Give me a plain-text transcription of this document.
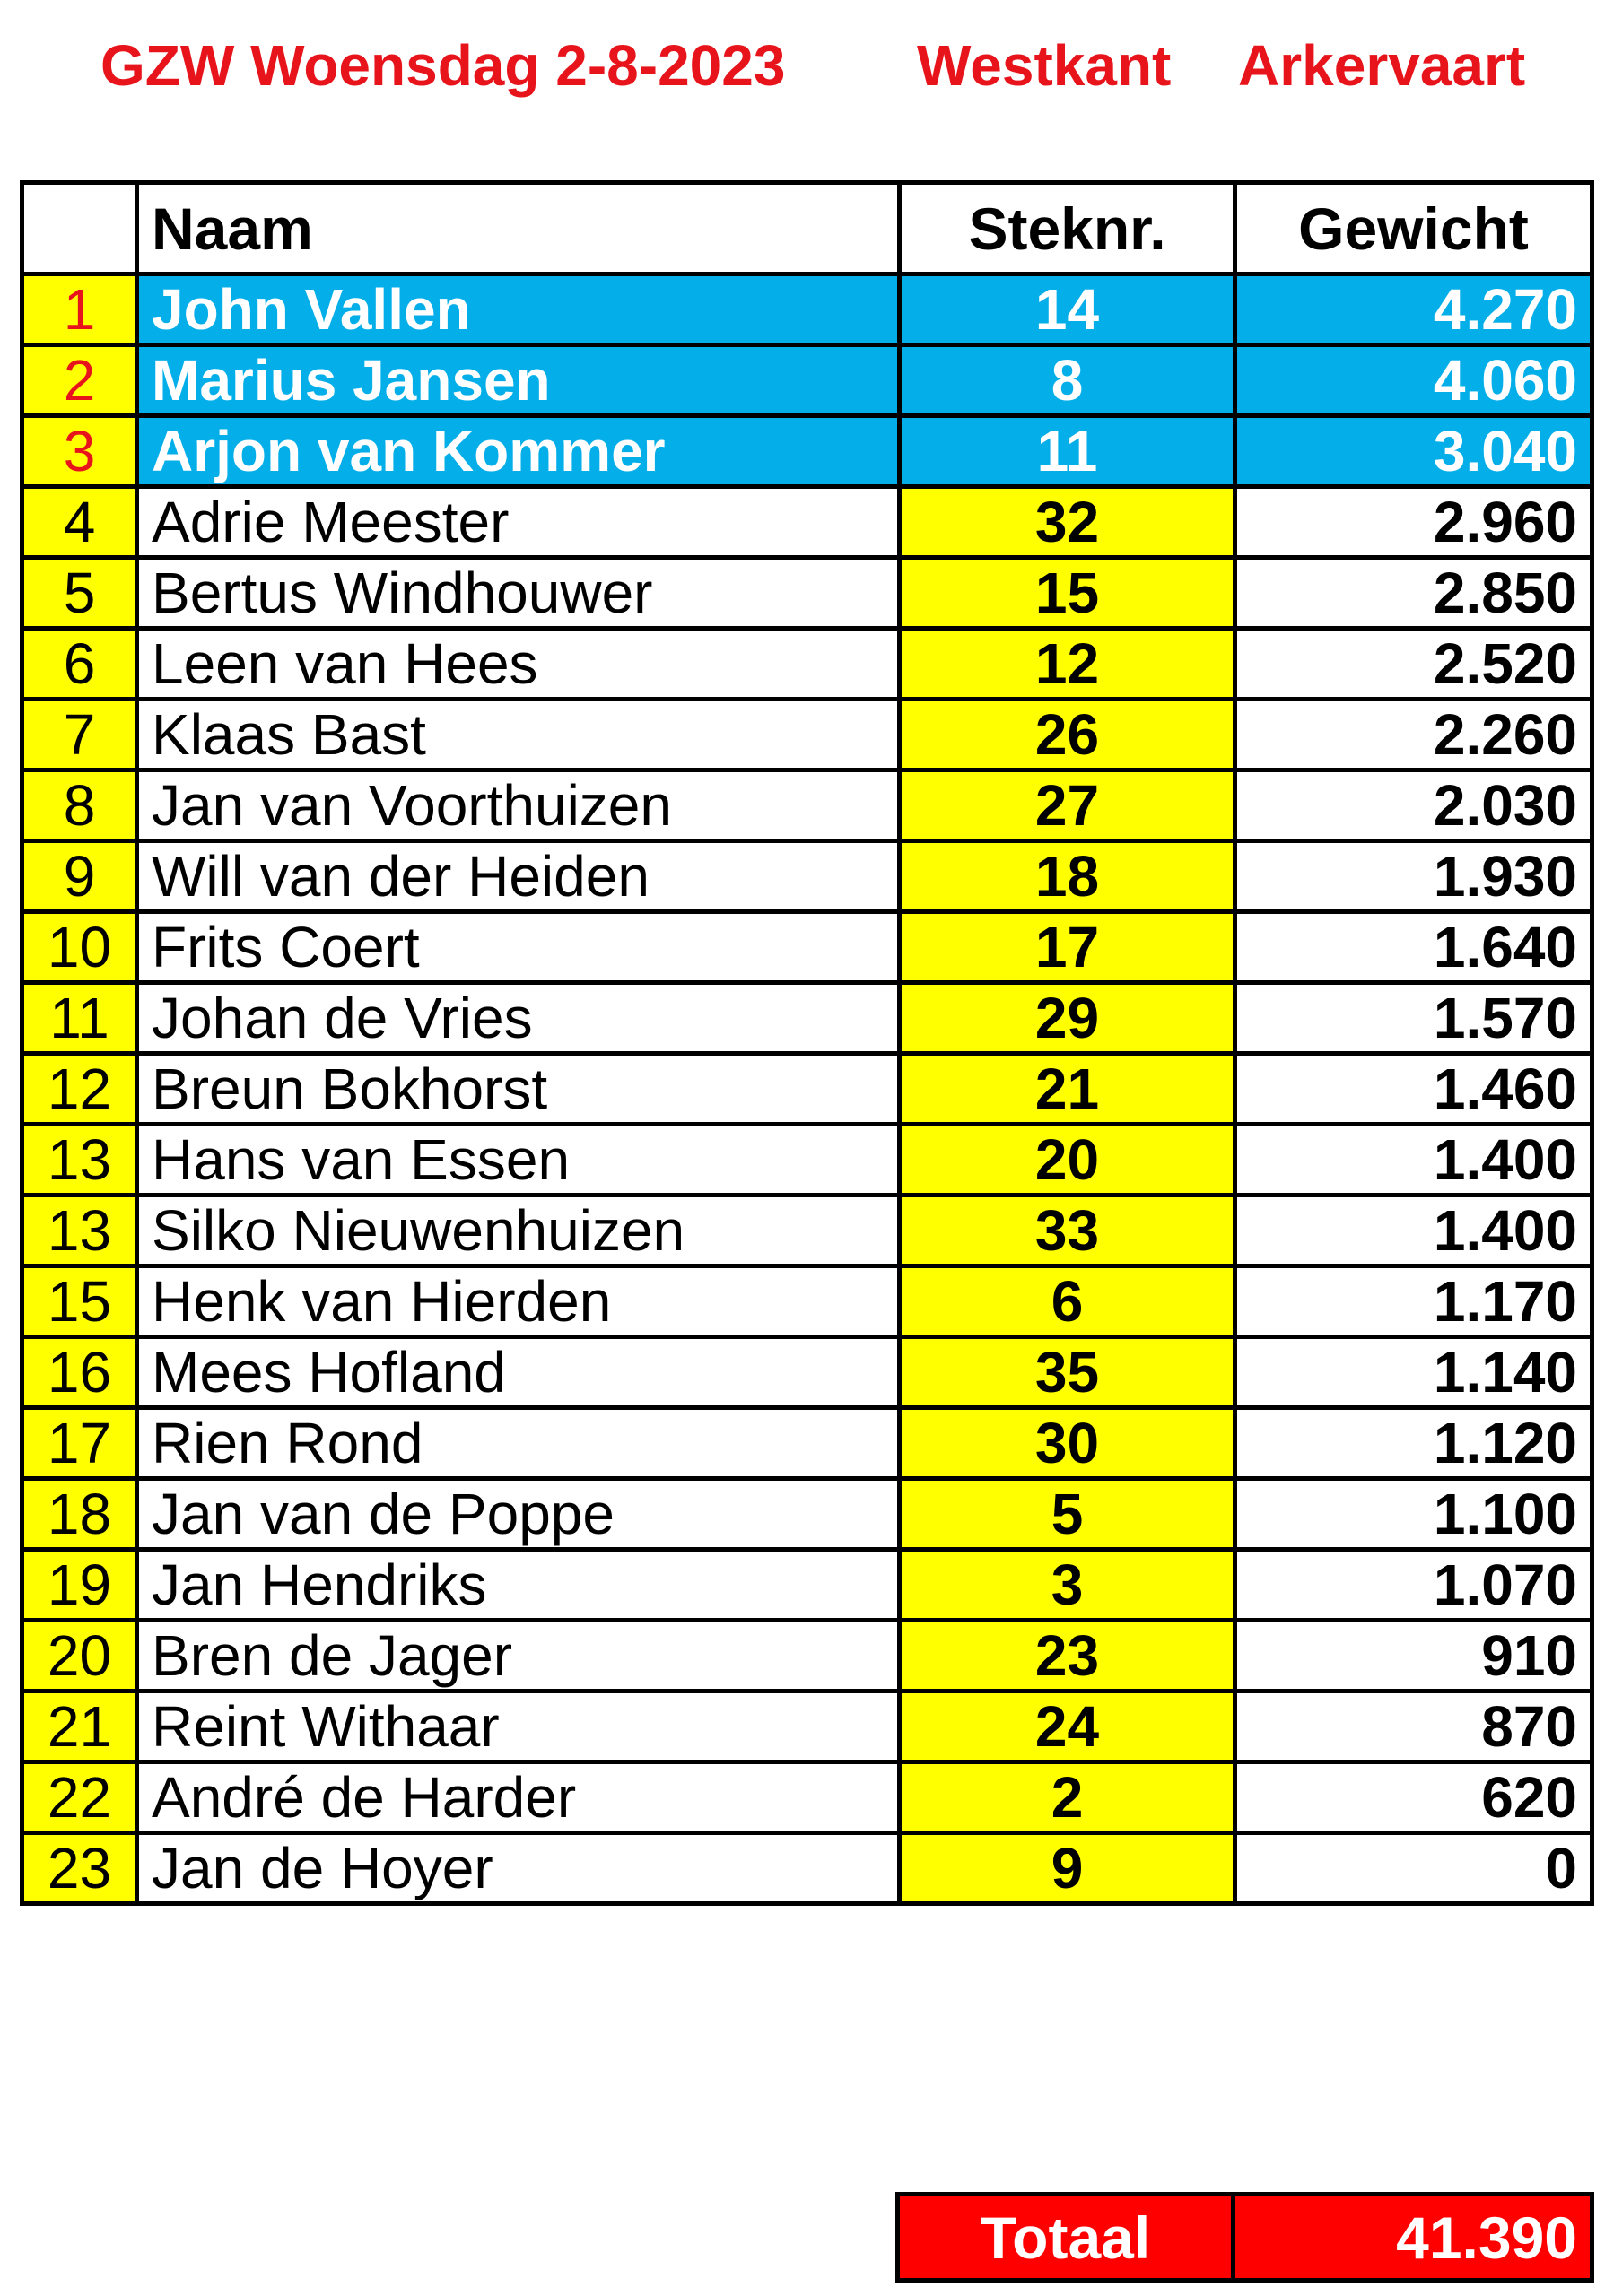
GZW Woensdag 2-8-2023 Westkant Arkervaart
	Naam	Steknr.	Gewicht
1	John Vallen	14	4.270
2	Marius Jansen	8	4.060
3	Arjon van Kommer	11	3.040
4	Adrie Meester	32	2.960
5	Bertus Windhouwer	15	2.850
6	Leen van Hees	12	2.520
7	Klaas Bast	26	2.260
8	Jan van Voorthuizen	27	2.030
9	Will van der Heiden	18	1.930
10	Frits Coert	17	1.640
11	Johan de Vries	29	1.570
12	Breun Bokhorst	21	1.460
13	Hans van Essen	20	1.400
13	Silko Nieuwenhuizen	33	1.400
15	Henk van Hierden	6	1.170
16	Mees Hofland	35	1.140
17	Rien Rond	30	1.120
18	Jan van de Poppe	5	1.100
19	Jan Hendriks	3	1.070
20	Bren de Jager	23	910
21	Reint Withaar	24	870
22	André de Harder	2	620
23	Jan de Hoyer	9	0
Totaal	41.390
